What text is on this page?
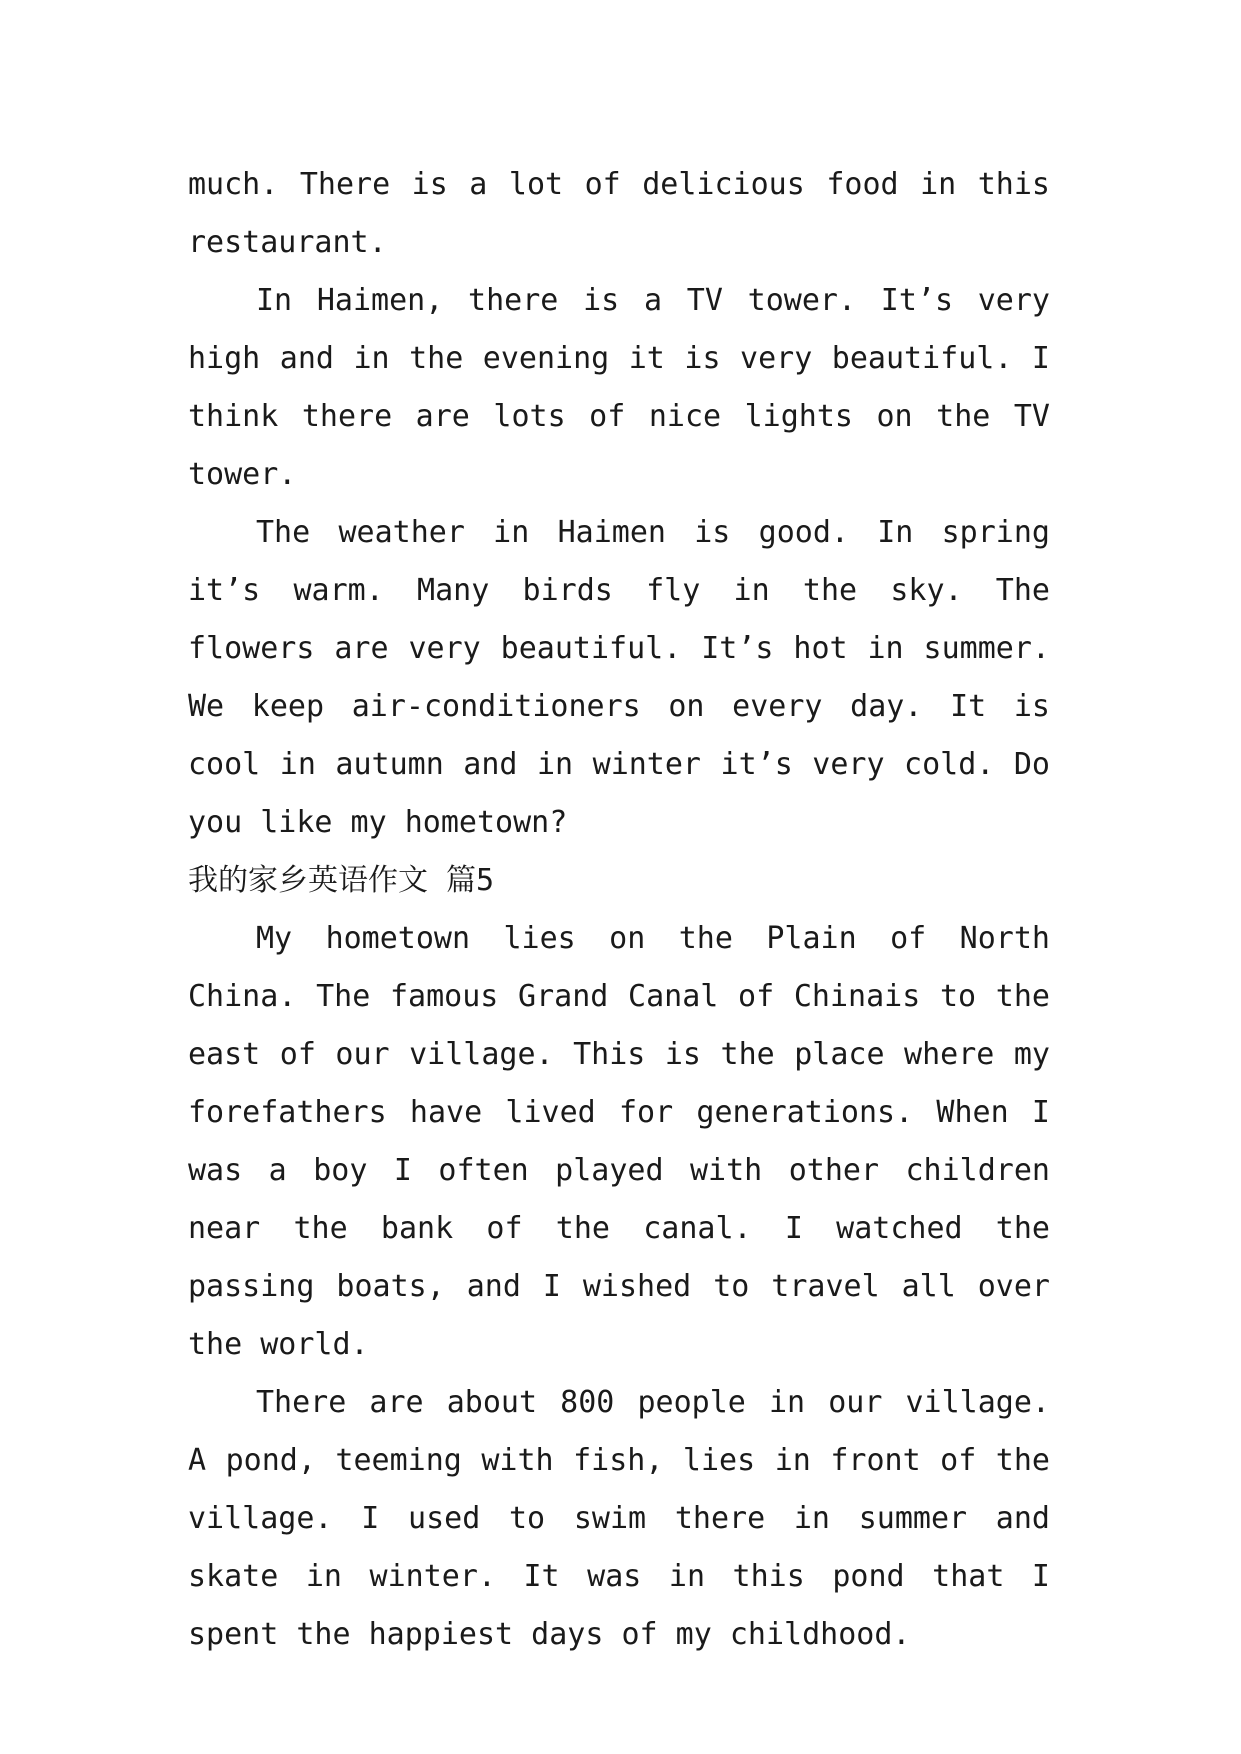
much. There is a lot of delicious food in this restaurant.

In Haimen, there is a TV tower. It’s very high and in the evening it is very beautiful. I think there are lots of nice lights on the TV tower.

The weather in Haimen is good. In spring it’s warm. Many birds fly in the sky. The flowers are very beautiful. It’s hot in summer. We keep air-conditioners on every day. It is cool in autumn and in winter it’s very cold. Do you like my hometown?

我的家乡英语作文 篇5

My hometown lies on the Plain of North China. The famous Grand Canal of Chinais to the east of our village. This is the place where my forefathers have lived for generations. When I was a boy I often played with other children near the bank of the canal. I watched the passing boats, and I wished to travel all over the world.

There are about 800 people in our village. A pond, teeming with fish, lies in front of the village. I used to swim there in summer and skate in winter. It was in this pond that I spent the happiest days of my childhood.
